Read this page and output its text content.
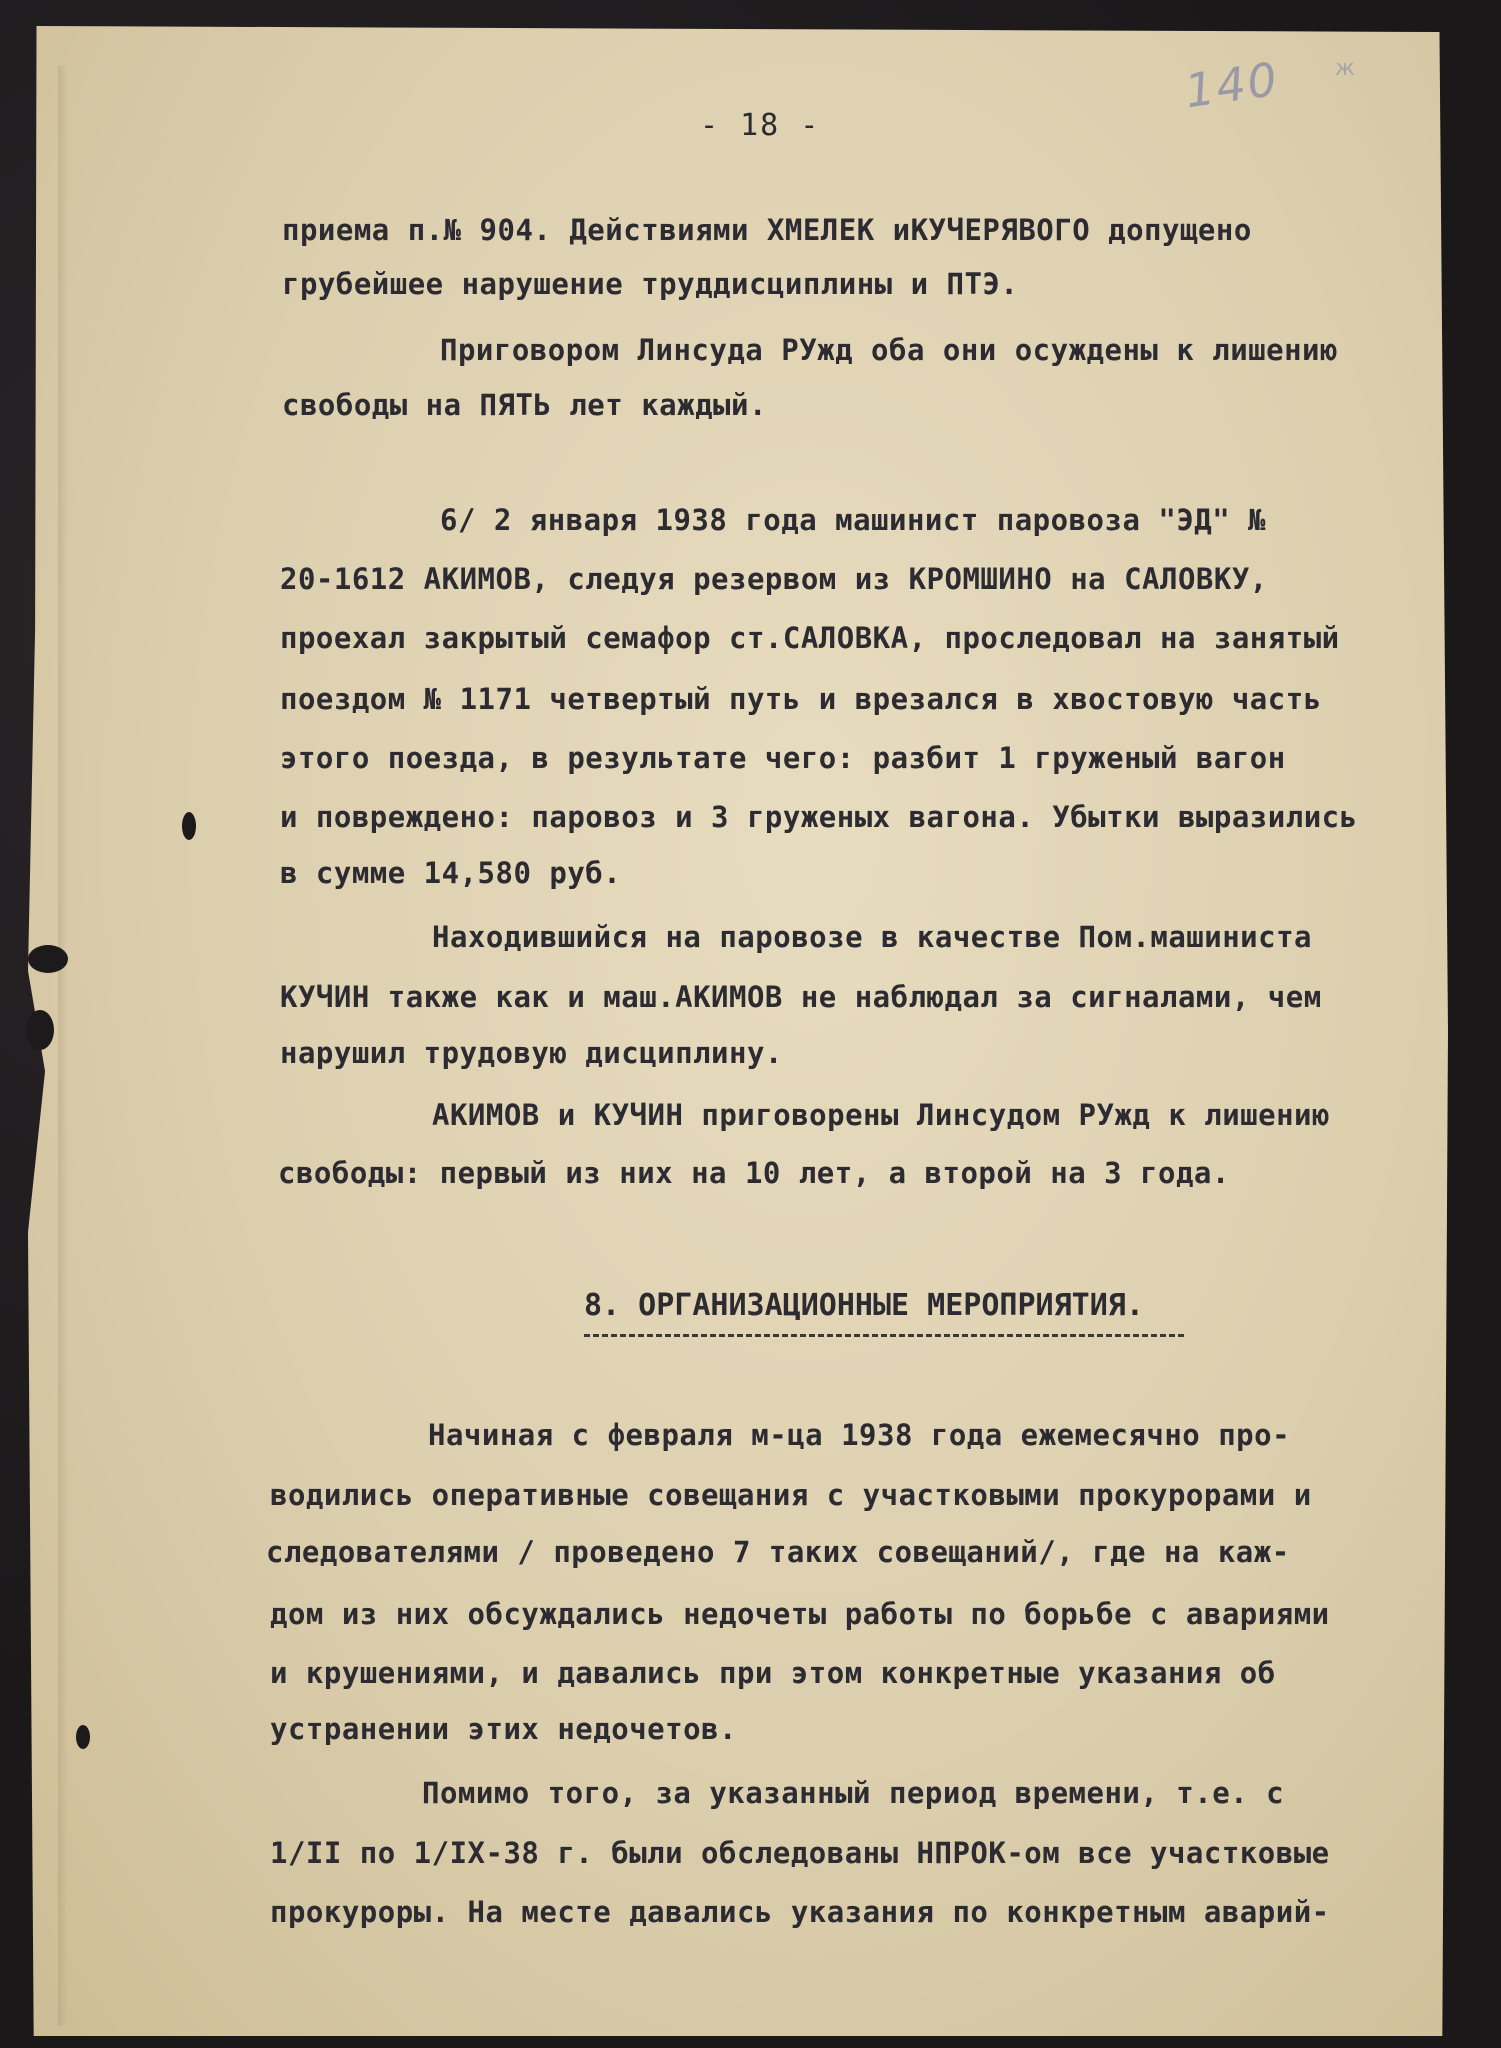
140 ж
- 18 -
приема п.№ 904. Действиями ХМЕЛЕК иКУЧЕРЯВОГО допущено
грубейшее нарушение труддисциплины и ПТЭ.
Приговором Линсуда РУжд оба они осуждены к лишению
свободы на ПЯТЬ лет каждый.
6/ 2 января 1938 года машинист паровоза "ЭД" №
20-1612 АКИМОВ, следуя резервом из КРОМШИНО на САЛОВКУ,
проехал закрытый семафор ст.САЛОВКА, проследовал на занятый
поездом № 1171 четвертый путь и врезался в хвостовую часть
этого поезда, в результате чего: разбит 1 груженый вагон
и повреждено: паровоз и 3 груженых вагона. Убытки выразились
в сумме 14,580 руб.
Находившийся на паровозе в качестве Пом.машиниста
КУЧИН также как и маш.АКИМОВ не наблюдал за сигналами, чем
нарушил трудовую дисциплину.
АКИМОВ и КУЧИН приговорены Линсудом РУжд к лишению
свободы: первый из них на 10 лет, а второй на 3 года.
8. ОРГАНИЗАЦИОННЫЕ МЕРОПРИЯТИЯ.
Начиная с февраля м-ца 1938 года ежемесячно про-
водились оперативные совещания с участковыми прокурорами и
следователями / проведено 7 таких совещаний/, где на каж-
дом из них обсуждались недочеты работы по борьбе с авариями
и крушениями, и давались при этом конкретные указания об
устранении этих недочетов.
Помимо того, за указанный период времени, т.е. с
1/II по 1/IX-38 г. были обследованы НПРОК-ом все участковые
прокуроры. На месте давались указания по конкретным аварий-
